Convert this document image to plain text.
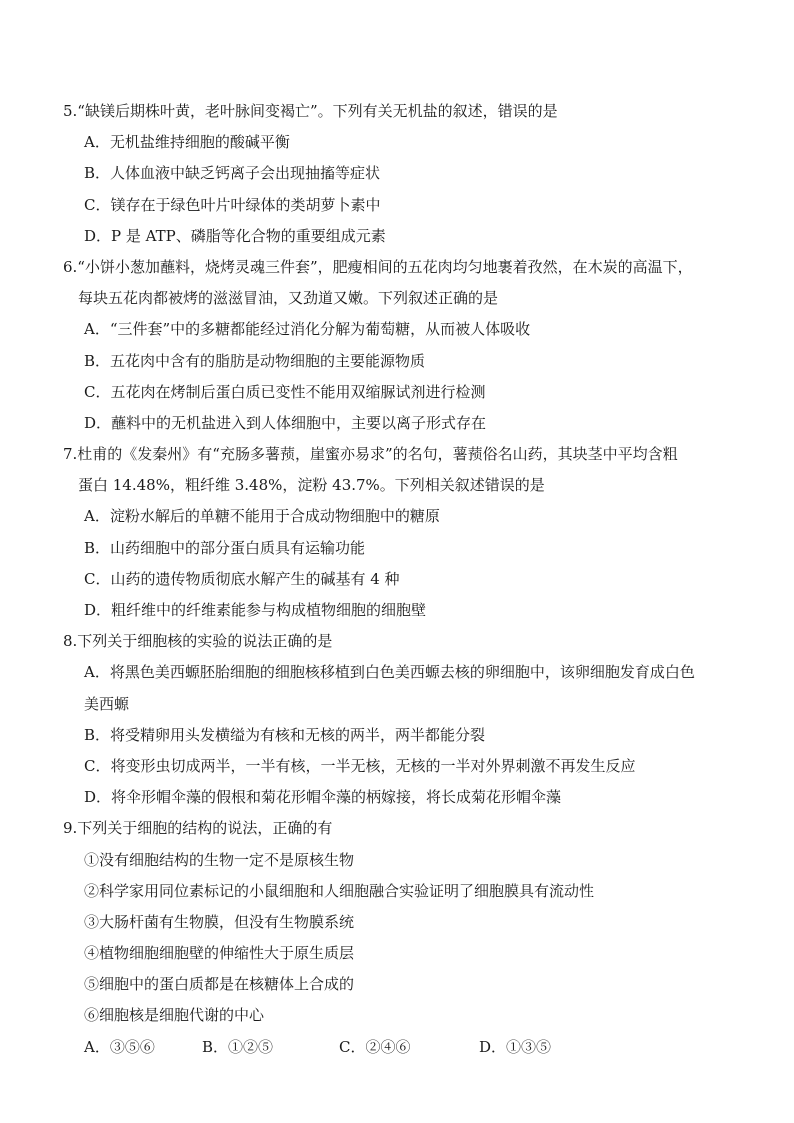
5.“缺镁后期株叶黄，老叶脉间变褐亡”。下列有关无机盐的叙述，错误的是
A．无机盐维持细胞的酸碱平衡
B．人体血液中缺乏钙离子会出现抽搐等症状
C．镁存在于绿色叶片叶绿体的类胡萝卜素中
D．P 是 ATP、磷脂等化合物的重要组成元素
6.“小饼小葱加蘸料，烧烤灵魂三件套”，肥瘦相间的五花肉均匀地裹着孜然，在木炭的高温下，
每块五花肉都被烤的滋滋冒油，又劲道又嫩。下列叙述正确的是
A．“三件套”中的多糖都能经过消化分解为葡萄糖，从而被人体吸收
B．五花肉中含有的脂肪是动物细胞的主要能源物质
C．五花肉在烤制后蛋白质已变性不能用双缩脲试剂进行检测
D．蘸料中的无机盐进入到人体细胞中，主要以离子形式存在
7.杜甫的《发秦州》有“充肠多薯蓣，崖蜜亦易求”的名句，薯蓣俗名山药，其块茎中平均含粗
蛋白 14.48%，粗纤维 3.48%，淀粉 43.7%。下列相关叙述错误的是
A．淀粉水解后的单糖不能用于合成动物细胞中的糖原
B．山药细胞中的部分蛋白质具有运输功能
C．山药的遗传物质彻底水解产生的碱基有 4 种
D．粗纤维中的纤维素能参与构成植物细胞的细胞壁
8.下列关于细胞核的实验的说法正确的是
A．将黑色美西螈胚胎细胞的细胞核移植到白色美西螈去核的卵细胞中，该卵细胞发育成白色
美西螈
B．将受精卵用头发横缢为有核和无核的两半，两半都能分裂
C．将变形虫切成两半，一半有核，一半无核，无核的一半对外界刺激不再发生反应
D．将伞形帽伞藻的假根和菊花形帽伞藻的柄嫁接，将长成菊花形帽伞藻
9.下列关于细胞的结构的说法，正确的有
①没有细胞结构的生物一定不是原核生物
②科学家用同位素标记的小鼠细胞和人细胞融合实验证明了细胞膜具有流动性
③大肠杆菌有生物膜，但没有生物膜系统
④植物细胞细胞壁的伸缩性大于原生质层
⑤细胞中的蛋白质都是在核糖体上合成的
⑥细胞核是细胞代谢的中心
A．③⑤⑥	B．①②⑤	C．②④⑥	D．①③⑤
